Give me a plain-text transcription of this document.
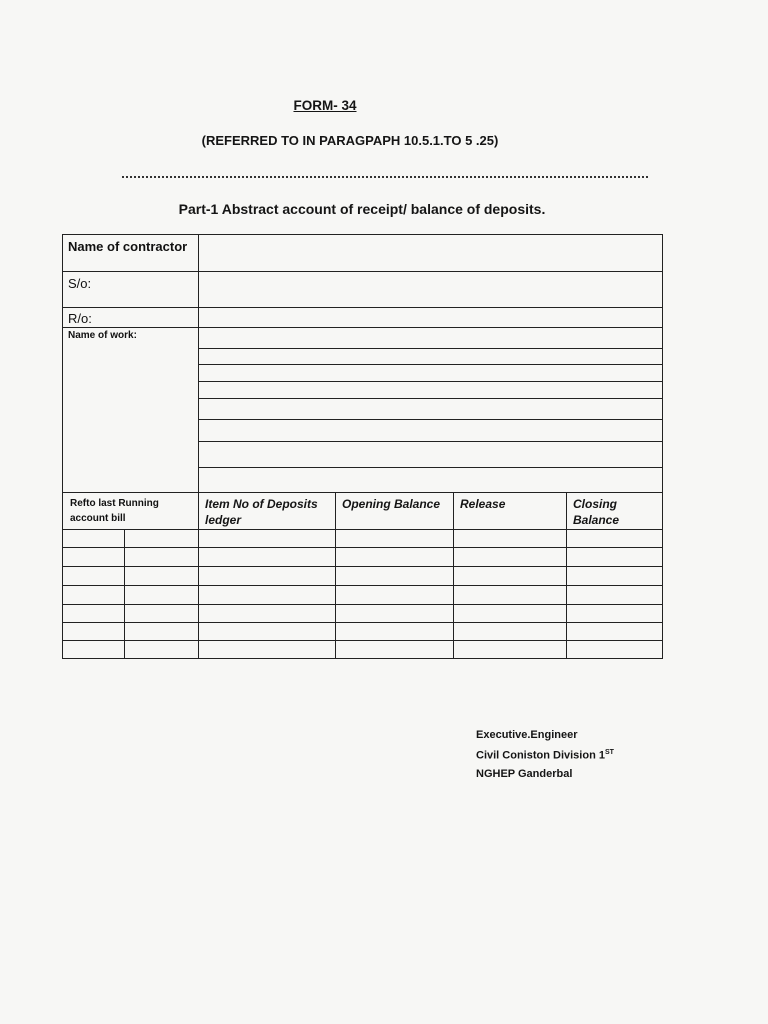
FORM- 34
(REFERRED TO IN PARAGPAPH 10.5.1.TO 5 .25)
Part-1 Abstract account of receipt/ balance of deposits.
Name of contractor
S/o:
R/o:
Name of work:
Refto last Running account bill
Item No of Deposits ledger
Opening Balance	Release	Closing Balance
Executive.Engineer
Civil Coniston Division 1ST
NGHEP Ganderbal
